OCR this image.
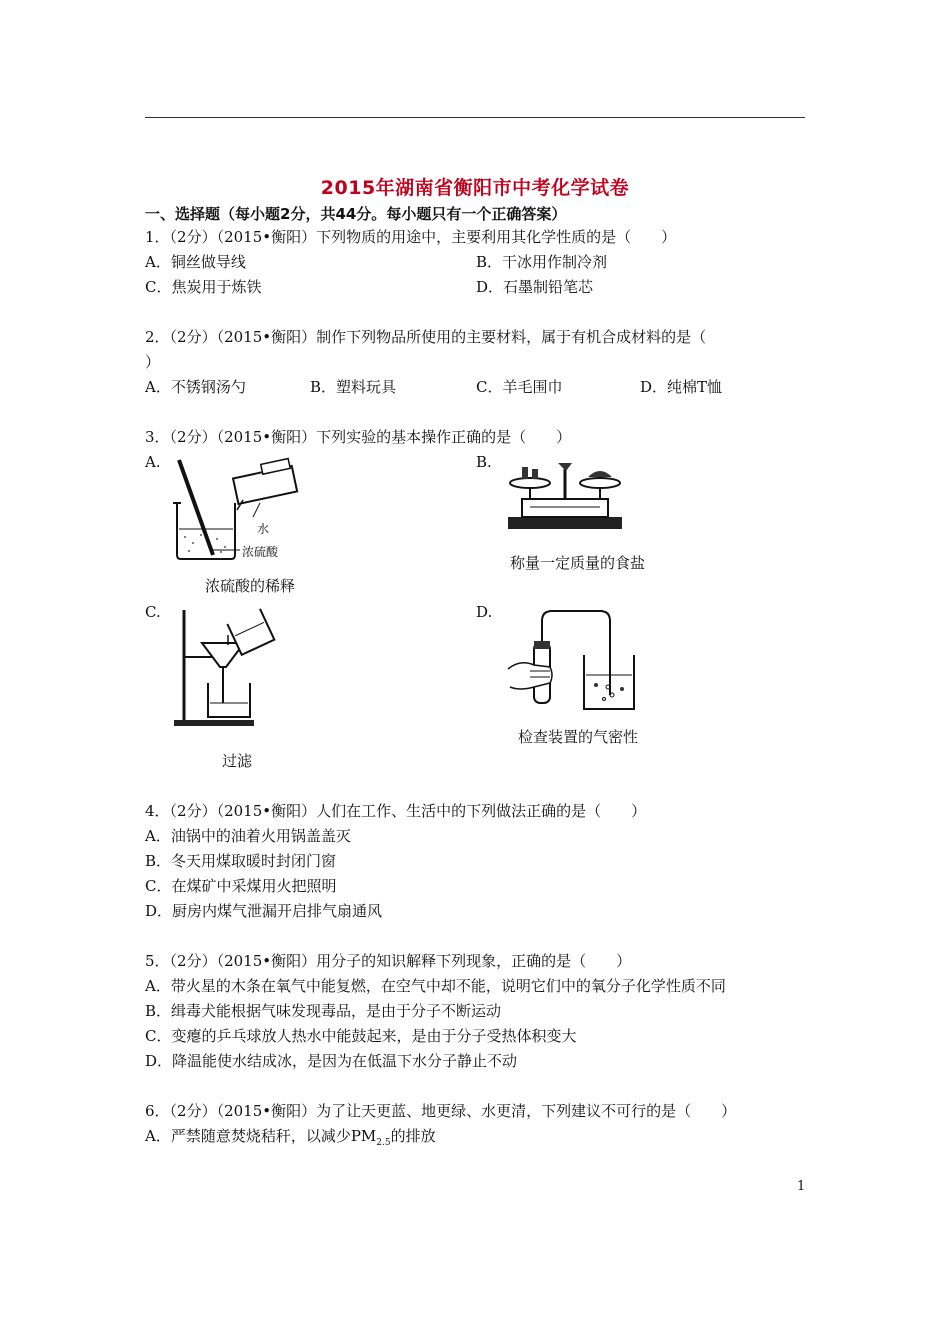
2015年湖南省衡阳市中考化学试卷
一、选择题（每小题2分，共44分。每小题只有一个正确答案）
1．（2分）（2015•衡阳）下列物质的用途中，主要利用其化学性质的是（　　）
A．铜丝做导线	B．干冰用作制冷剂
C．焦炭用于炼铁	D．石墨制铅笔芯
2．（2分）（2015•衡阳）制作下列物品所使用的主要材料，属于有机合成材料的是（
）
A．不锈钢汤勺	B．塑料玩具	C．羊毛围巾	D．纯棉T恤
3．（2分）（2015•衡阳）下列实验的基本操作正确的是（　　）
A.	B.
水
浓硫酸
浓硫酸的稀释
称量一定质量的食盐
C.	D.
过滤
检查装置的气密性
4．（2分）（2015•衡阳）人们在工作、生活中的下列做法正确的是（　　）
A．油锅中的油着火用锅盖盖灭
B．冬天用煤取暖时封闭门窗
C．在煤矿中采煤用火把照明
D．厨房内煤气泄漏开启排气扇通风
5．（2分）（2015•衡阳）用分子的知识解释下列现象，正确的是（　　）
A．带火星的木条在氧气中能复燃，在空气中却不能，说明它们中的氧分子化学性质不同
B．缉毒犬能根据气味发现毒品，是由于分子不断运动
C．变瘪的乒乓球放人热水中能鼓起来，是由于分子受热体积变大
D．降温能使水结成冰，是因为在低温下水分子静止不动
6．（2分）（2015•衡阳）为了让天更蓝、地更绿、水更清，下列建议不可行的是（　　）
A．严禁随意焚烧秸秆，以减少$PM_{2.5}$的排放
1
